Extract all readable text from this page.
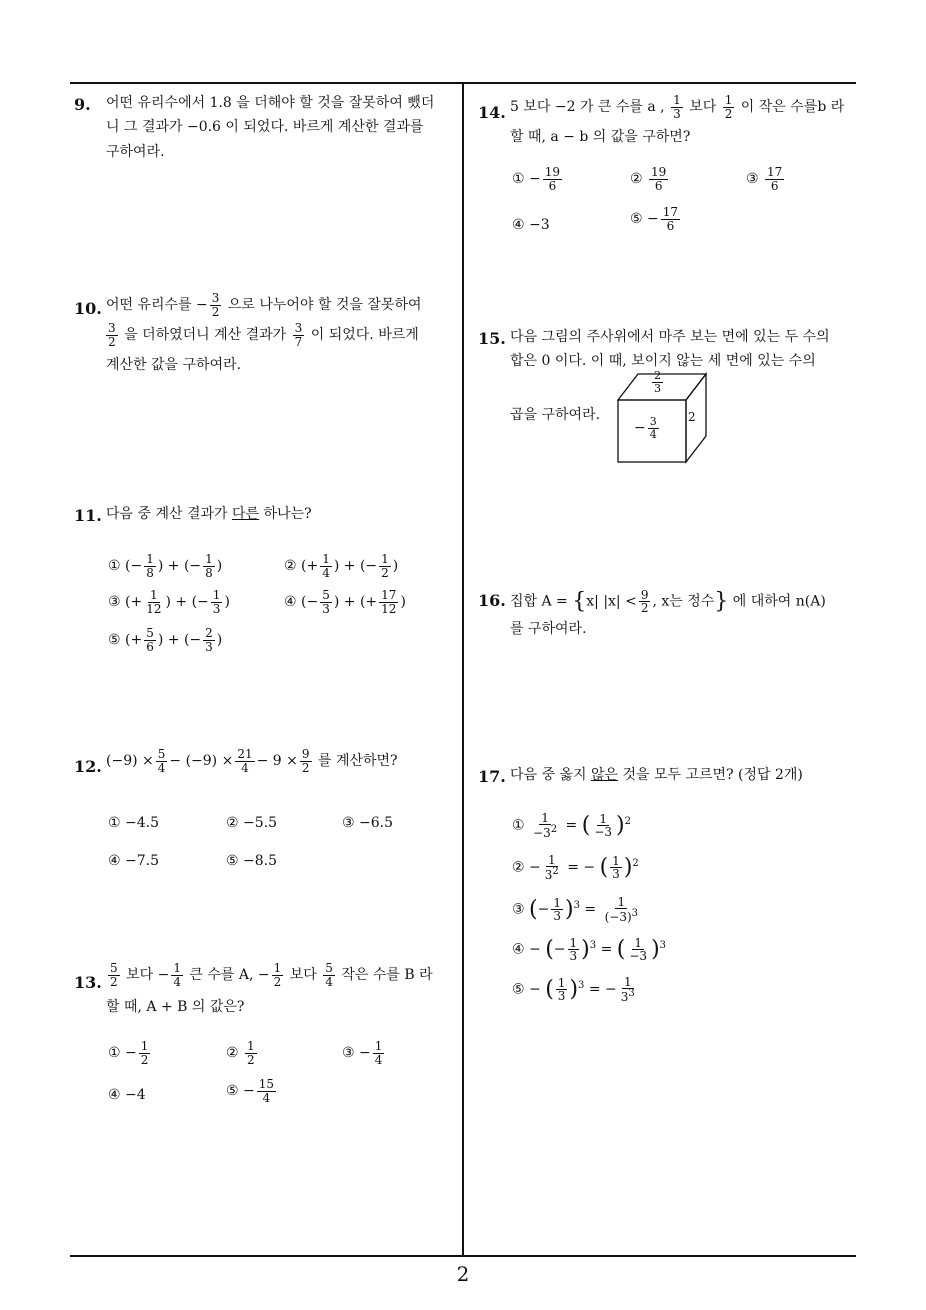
9. 어떤 유리수에서 1.8 을 더해야 할 것을 잘못하여 뺐더
니 그 결과가 −0.6 이 되었다. 바르게 계산한 결과를
구하여라.
10. 어떤 유리수를 − $\frac{3}{2}$ 으로 나누어야 할 것을 잘못하여
$\frac{3}{2}$ 을 더하였더니 계산 결과가 $\frac{3}{7}$ 이 되었다. 바르게
계산한 값을 구하여라.
11. 다음 중 계산 결과가 다른 하나는?
① (− $\frac{1}{8}$ ) + (− $\frac{1}{8}$ )	② (+ $\frac{1}{4}$ ) + (− $\frac{1}{2}$ )
③ (+ $\frac{1}{12}$ ) + (− $\frac{1}{3}$ )	④ (− $\frac{5}{3}$ ) + (+ $\frac{17}{12}$ )
⑤ (+ $\frac{5}{6}$ ) + (− $\frac{2}{3}$ )
12. $(-9) \times \frac{5}{4} - (-9) \times \frac{21}{4} - 9 \times \frac{9}{2}$ 를 계산하면?
① −4.5	② −5.5	③ −6.5
④ −7.5	⑤ −8.5
13. $\frac{5}{2}$ 보다 − $\frac{1}{4}$ 큰 수를 A, − $\frac{1}{2}$ 보다 $\frac{5}{4}$ 작은 수를 B 라
할 때, A + B 의 값은?
① − $\frac{1}{2}$	② $\frac{1}{2}$	③ − $\frac{1}{4}$
④ −4	⑤ − $\frac{15}{4}$
14. 5 보다 −2 가 큰 수를 a , $\frac{1}{3}$ 보다 $\frac{1}{2}$ 이 작은 수를b 라
할 때, a − b 의 값을 구하면?
① − $\frac{19}{6}$	② $\frac{19}{6}$	③ $\frac{17}{6}$
④ −3	⑤ − $\frac{17}{6}$
15. 다음 그림의 주사위에서 마주 보는 면에 있는 두 수의
합은 0 이다. 이 때, 보이지 않는 세 면에 있는 수의
곱을 구하여라.
$\frac{2}{3}$
− $\frac{3}{4} 2$
16. 집합 A = {x| $|x| < \frac{9}{2}$ , x는 정수} 에 대하여 n(A)
를 구하여라.
17. 다음 중 옳지 않은 것을 모두 고르면? (정답 2개)
① $\frac{1}{-3^2}$ = ( $\frac{1}{-3} )^2$
② − $\frac{1}{3^2}$ = − ( $\frac{1}{3} )^2$
③ (− $\frac{1}{3} )^3 = \frac{1}{(-3)^3}$
④ − (− $\frac{1}{3} )^3$ = ( $\frac{1}{-3} )^3$
⑤ − ( $\frac{1}{3} )^3$ = − $\frac{1}{3^3}$
2
